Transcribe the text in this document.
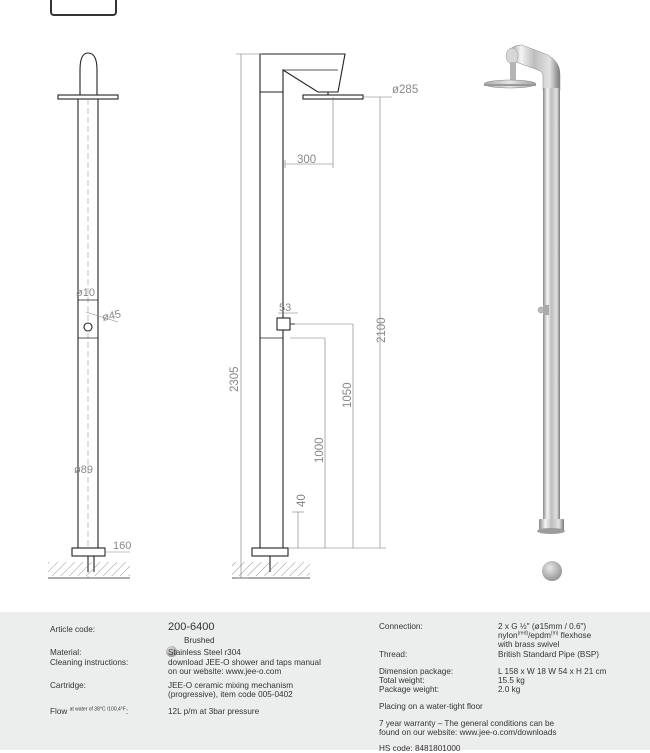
ø10
ø45
ø89
160
ø285
300
53
2305
2100
1050
1000
40
Article code:	200-6400
Brushed
Material:	Stainless Steel r304
Cleaning instructions:	download JEE-O shower and taps manual
on our website: www.jee-o.com
Cartridge:	JEE-O ceramic mixing mechanism
(progressive), item code 005-0402
Flow $^{at water of 38^\circ C /100,4^\circ F}$:	12L p/m at 3bar pressure
Connection:	2 x G ½" (ø15mm / 0.6")
nylon$^{(red)}$/epdm$^{(m)}$ flexhose
with brass swivel
Thread:	British Standard Pipe (BSP)
Dimension package:	L 158 x W 18 W 54 x H 21 cm
Total weight:	15.5 kg
Package weight:	2.0 kg
Placing on a water-tight floor
7 year warranty – The general conditions can be
found on our website: www.jee-o.com/downloads
HS code: 8481801000
